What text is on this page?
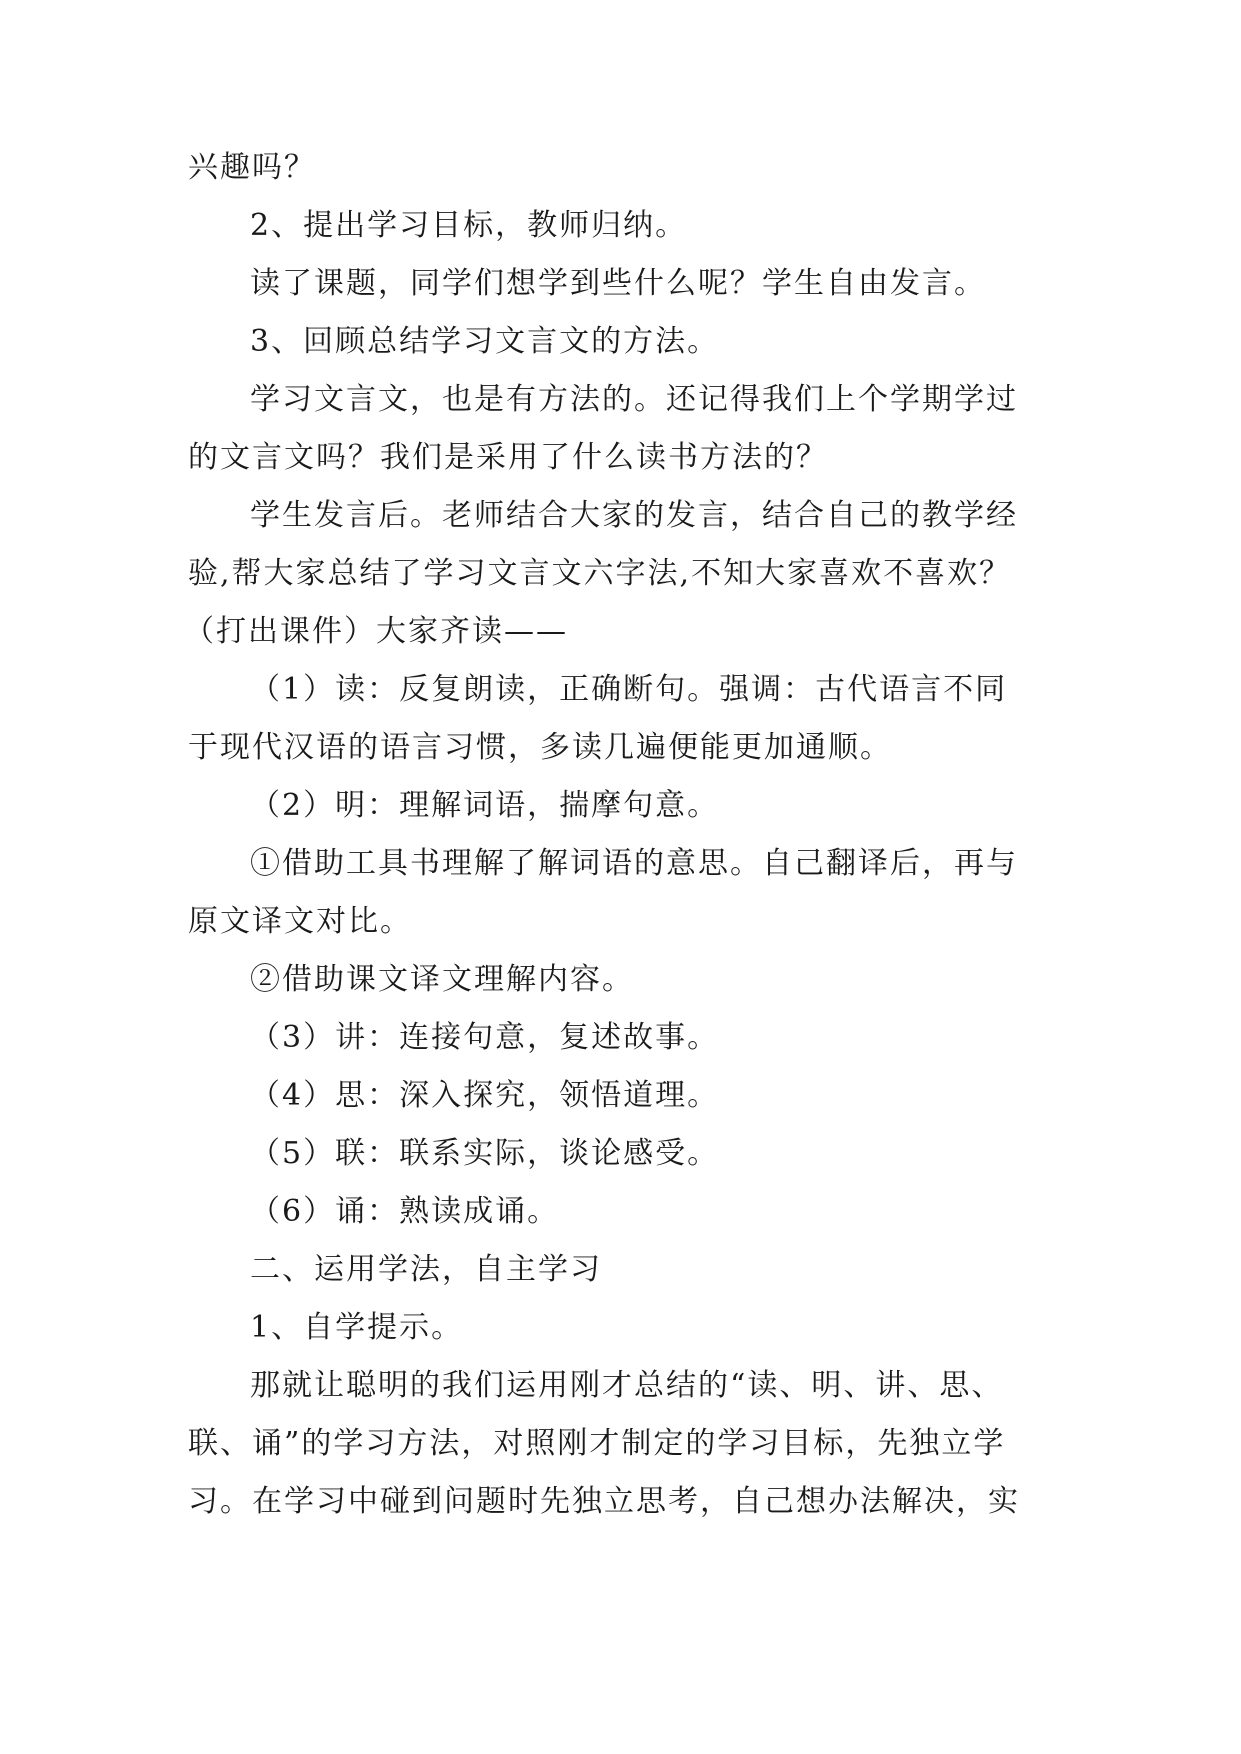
兴趣吗？
2、提出学习目标，教师归纳。
读了课题，同学们想学到些什么呢？学生自由发言。
3、回顾总结学习文言文的方法。
学习文言文，也是有方法的。还记得我们上个学期学过
的文言文吗？我们是采用了什么读书方法的？
学生发言后。老师结合大家的发言，结合自己的教学经
验,帮大家总结了学习文言文六字法,不知大家喜欢不喜欢？
（打出课件）大家齐读——
（1）读：反复朗读，正确断句。强调：古代语言不同
于现代汉语的语言习惯，多读几遍便能更加通顺。
（2）明：理解词语，揣摩句意。
①借助工具书理解了解词语的意思。自己翻译后，再与
原文译文对比。
②借助课文译文理解内容。
（3）讲：连接句意，复述故事。
（4）思：深入探究，领悟道理。
（5）联：联系实际，谈论感受。
（6）诵：熟读成诵。
二、运用学法，自主学习
1、自学提示。
那就让聪明的我们运用刚才总结的“读、明、讲、思、
联、诵”的学习方法，对照刚才制定的学习目标，先独立学
习。在学习中碰到问题时先独立思考，自己想办法解决，实
